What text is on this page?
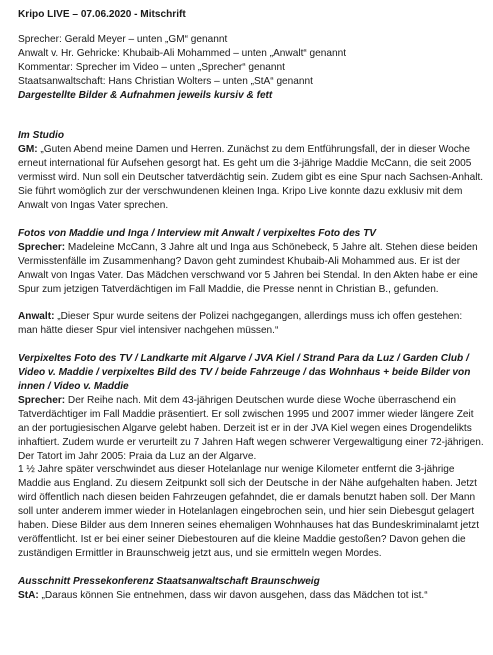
Kripo LIVE – 07.06.2020 - Mitschrift

Sprecher: Gerald Meyer – unten „GM“ genannt

Anwalt v. Hr. Gehricke: Khubaib-Ali Mohammed – unten „Anwalt“ genannt

Kommentar: Sprecher im Video – unten „Sprecher“ genannt

Staatsanwaltschaft: Hans Christian Wolters – unten „StA“ genannt

Dargestellte Bilder & Aufnahmen jeweils kursiv & fett

Im Studio

GM: „Guten Abend meine Damen und Herren. Zunächst zu dem Entführungsfall, der in dieser Woche erneut international für Aufsehen gesorgt hat. Es geht um die 3-jährige Maddie McCann, die seit 2005 vermisst wird. Nun soll ein Deutscher tatverdächtig sein. Zudem gibt es eine Spur nach Sachsen-Anhalt. Sie führt womöglich zur der verschwundenen kleinen Inga. Kripo Live konnte dazu exklusiv mit dem Anwalt von Ingas Vater sprechen.

Fotos von Maddie und Inga / Interview mit Anwalt / verpixeltes Foto des TV

Sprecher: Madeleine McCann, 3 Jahre alt und Inga aus Schönebeck, 5 Jahre alt. Stehen diese beiden Vermisstenfälle im Zusammenhang? Davon geht zumindest Khubaib-Ali Mohammed aus. Er ist der Anwalt von Ingas Vater. Das Mädchen verschwand vor 5 Jahren bei Stendal. In den Akten habe er eine Spur zum jetzigen Tatverdächtigen im Fall Maddie, die Presse nennt in Christian B., gefunden.

Anwalt: „Dieser Spur wurde seitens der Polizei nachgegangen, allerdings muss ich offen gestehen: man hätte dieser Spur viel intensiver nachgehen müssen.“

Verpixeltes Foto des TV / Landkarte mit Algarve / JVA Kiel / Strand Para da Luz / Garden Club / Video v. Maddie / verpixeltes Bild des TV / beide Fahrzeuge / das Wohnhaus + beide Bilder von innen / Video v. Maddie

Sprecher: Der Reihe nach. Mit dem 43-jährigen Deutschen wurde diese Woche überraschend ein Tatverdächtiger im Fall Maddie präsentiert. Er soll zwischen 1995 und 2007 immer wieder längere Zeit an der portugiesischen Algarve gelebt haben. Derzeit ist er in der JVA Kiel wegen eines Drogendelikts inhaftiert. Zudem wurde er verurteilt zu 7 Jahren Haft wegen schwerer Vergewaltigung einer 72-jährigen. Der Tatort im Jahr 2005: Praia da Luz an der Algarve.

1 ½ Jahre später verschwindet aus dieser Hotelanlage nur wenige Kilometer entfernt die 3-jährige Maddie aus England. Zu diesem Zeitpunkt soll sich der Deutsche in der Nähe aufgehalten haben. Jetzt wird öffentlich nach diesen beiden Fahrzeugen gefahndet, die er damals benutzt haben soll. Der Mann soll unter anderem immer wieder in Hotelanlagen eingebrochen sein, und hier sein Diebesgut gelagert haben. Diese Bilder aus dem Inneren seines ehemaligen Wohnhauses hat das Bundeskriminalamt jetzt veröffentlicht. Ist er bei einer seiner Diebestouren auf die kleine Maddie gestoßen? Davon gehen die zuständigen Ermittler in Braunschweig jetzt aus, und sie ermitteln wegen Mordes.

Ausschnitt Pressekonferenz Staatsanwaltschaft Braunschweig

StA: „Daraus können Sie entnehmen, dass wir davon ausgehen, dass das Mädchen tot ist.“
